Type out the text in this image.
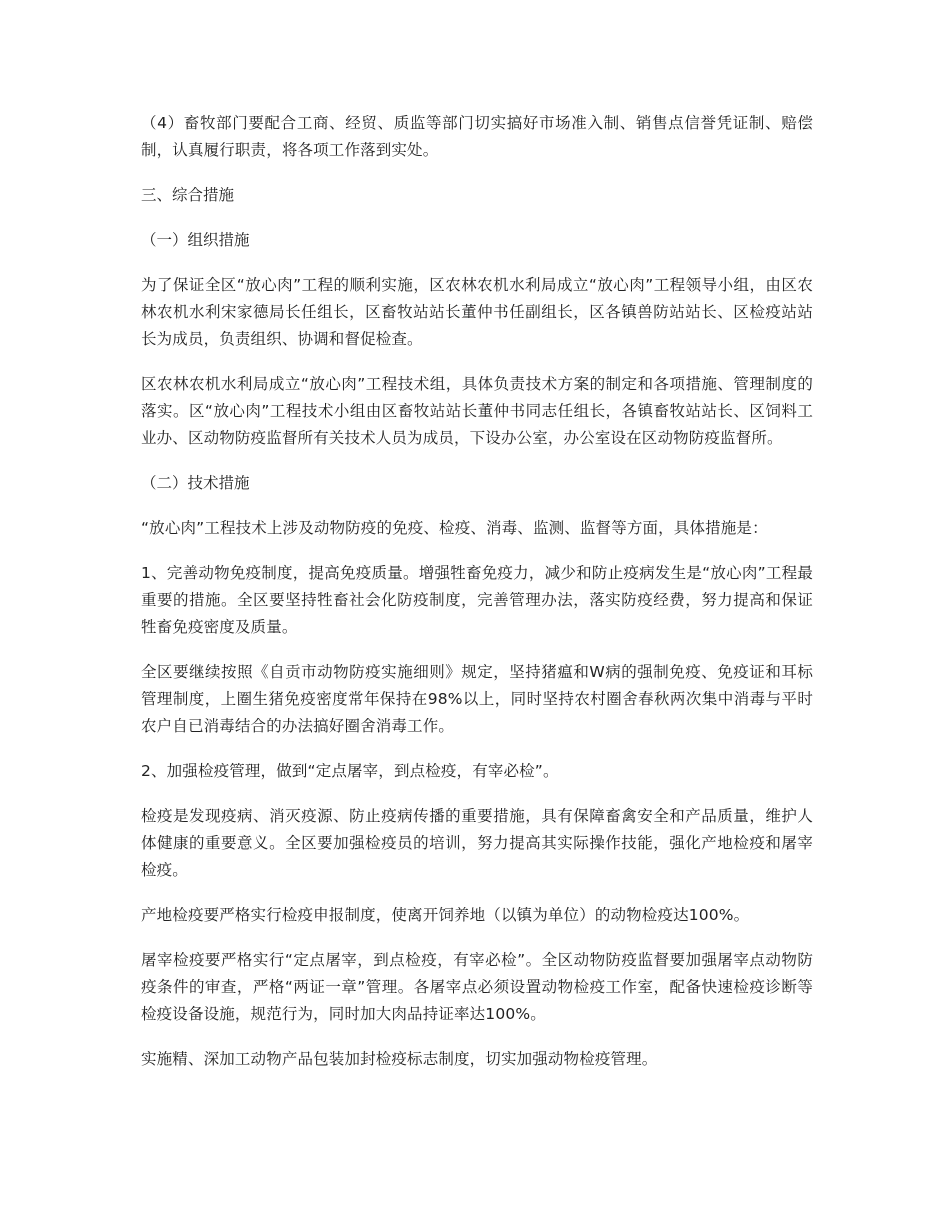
（4）畜牧部门要配合工商、经贸、质监等部门切实搞好市场准入制、销售点信誉凭证制、赔偿制，认真履行职责，将各项工作落到实处。

三、综合措施

（一）组织措施

为了保证全区“放心肉”工程的顺利实施，区农林农机水利局成立“放心肉”工程领导小组，由区农林农机水利宋家德局长任组长，区畜牧站站长董仲书任副组长，区各镇兽防站站长、区检疫站站长为成员，负责组织、协调和督促检查。

区农林农机水利局成立“放心肉”工程技术组，具体负责技术方案的制定和各项措施、管理制度的落实。区“放心肉”工程技术小组由区畜牧站站长董仲书同志任组长，各镇畜牧站站长、区饲料工业办、区动物防疫监督所有关技术人员为成员，下设办公室，办公室设在区动物防疫监督所。

（二）技术措施

“放心肉”工程技术上涉及动物防疫的免疫、检疫、消毒、监测、监督等方面，具体措施是：

1、完善动物免疫制度，提高免疫质量。增强牲畜免疫力，减少和防止疫病发生是“放心肉”工程最重要的措施。全区要坚持牲畜社会化防疫制度，完善管理办法，落实防疫经费，努力提高和保证牲畜免疫密度及质量。

全区要继续按照《自贡市动物防疫实施细则》规定，坚持猪瘟和W病的强制免疫、免疫证和耳标管理制度，上圈生猪免疫密度常年保持在98%以上，同时坚持农村圈舍春秋两次集中消毒与平时农户自已消毒结合的办法搞好圈舍消毒工作。

2、加强检疫管理，做到“定点屠宰，到点检疫，有宰必检”。

检疫是发现疫病、消灭疫源、防止疫病传播的重要措施，具有保障畜禽安全和产品质量，维护人体健康的重要意义。全区要加强检疫员的培训，努力提高其实际操作技能，强化产地检疫和屠宰检疫。

产地检疫要严格实行检疫申报制度，使离开饲养地（以镇为单位）的动物检疫达100%。

屠宰检疫要严格实行“定点屠宰，到点检疫，有宰必检”。全区动物防疫监督要加强屠宰点动物防疫条件的审查，严格“两证一章”管理。各屠宰点必须设置动物检疫工作室，配备快速检疫诊断等检疫设备设施，规范行为，同时加大肉品持证率达100%。

实施精、深加工动物产品包装加封检疫标志制度，切实加强动物检疫管理。
